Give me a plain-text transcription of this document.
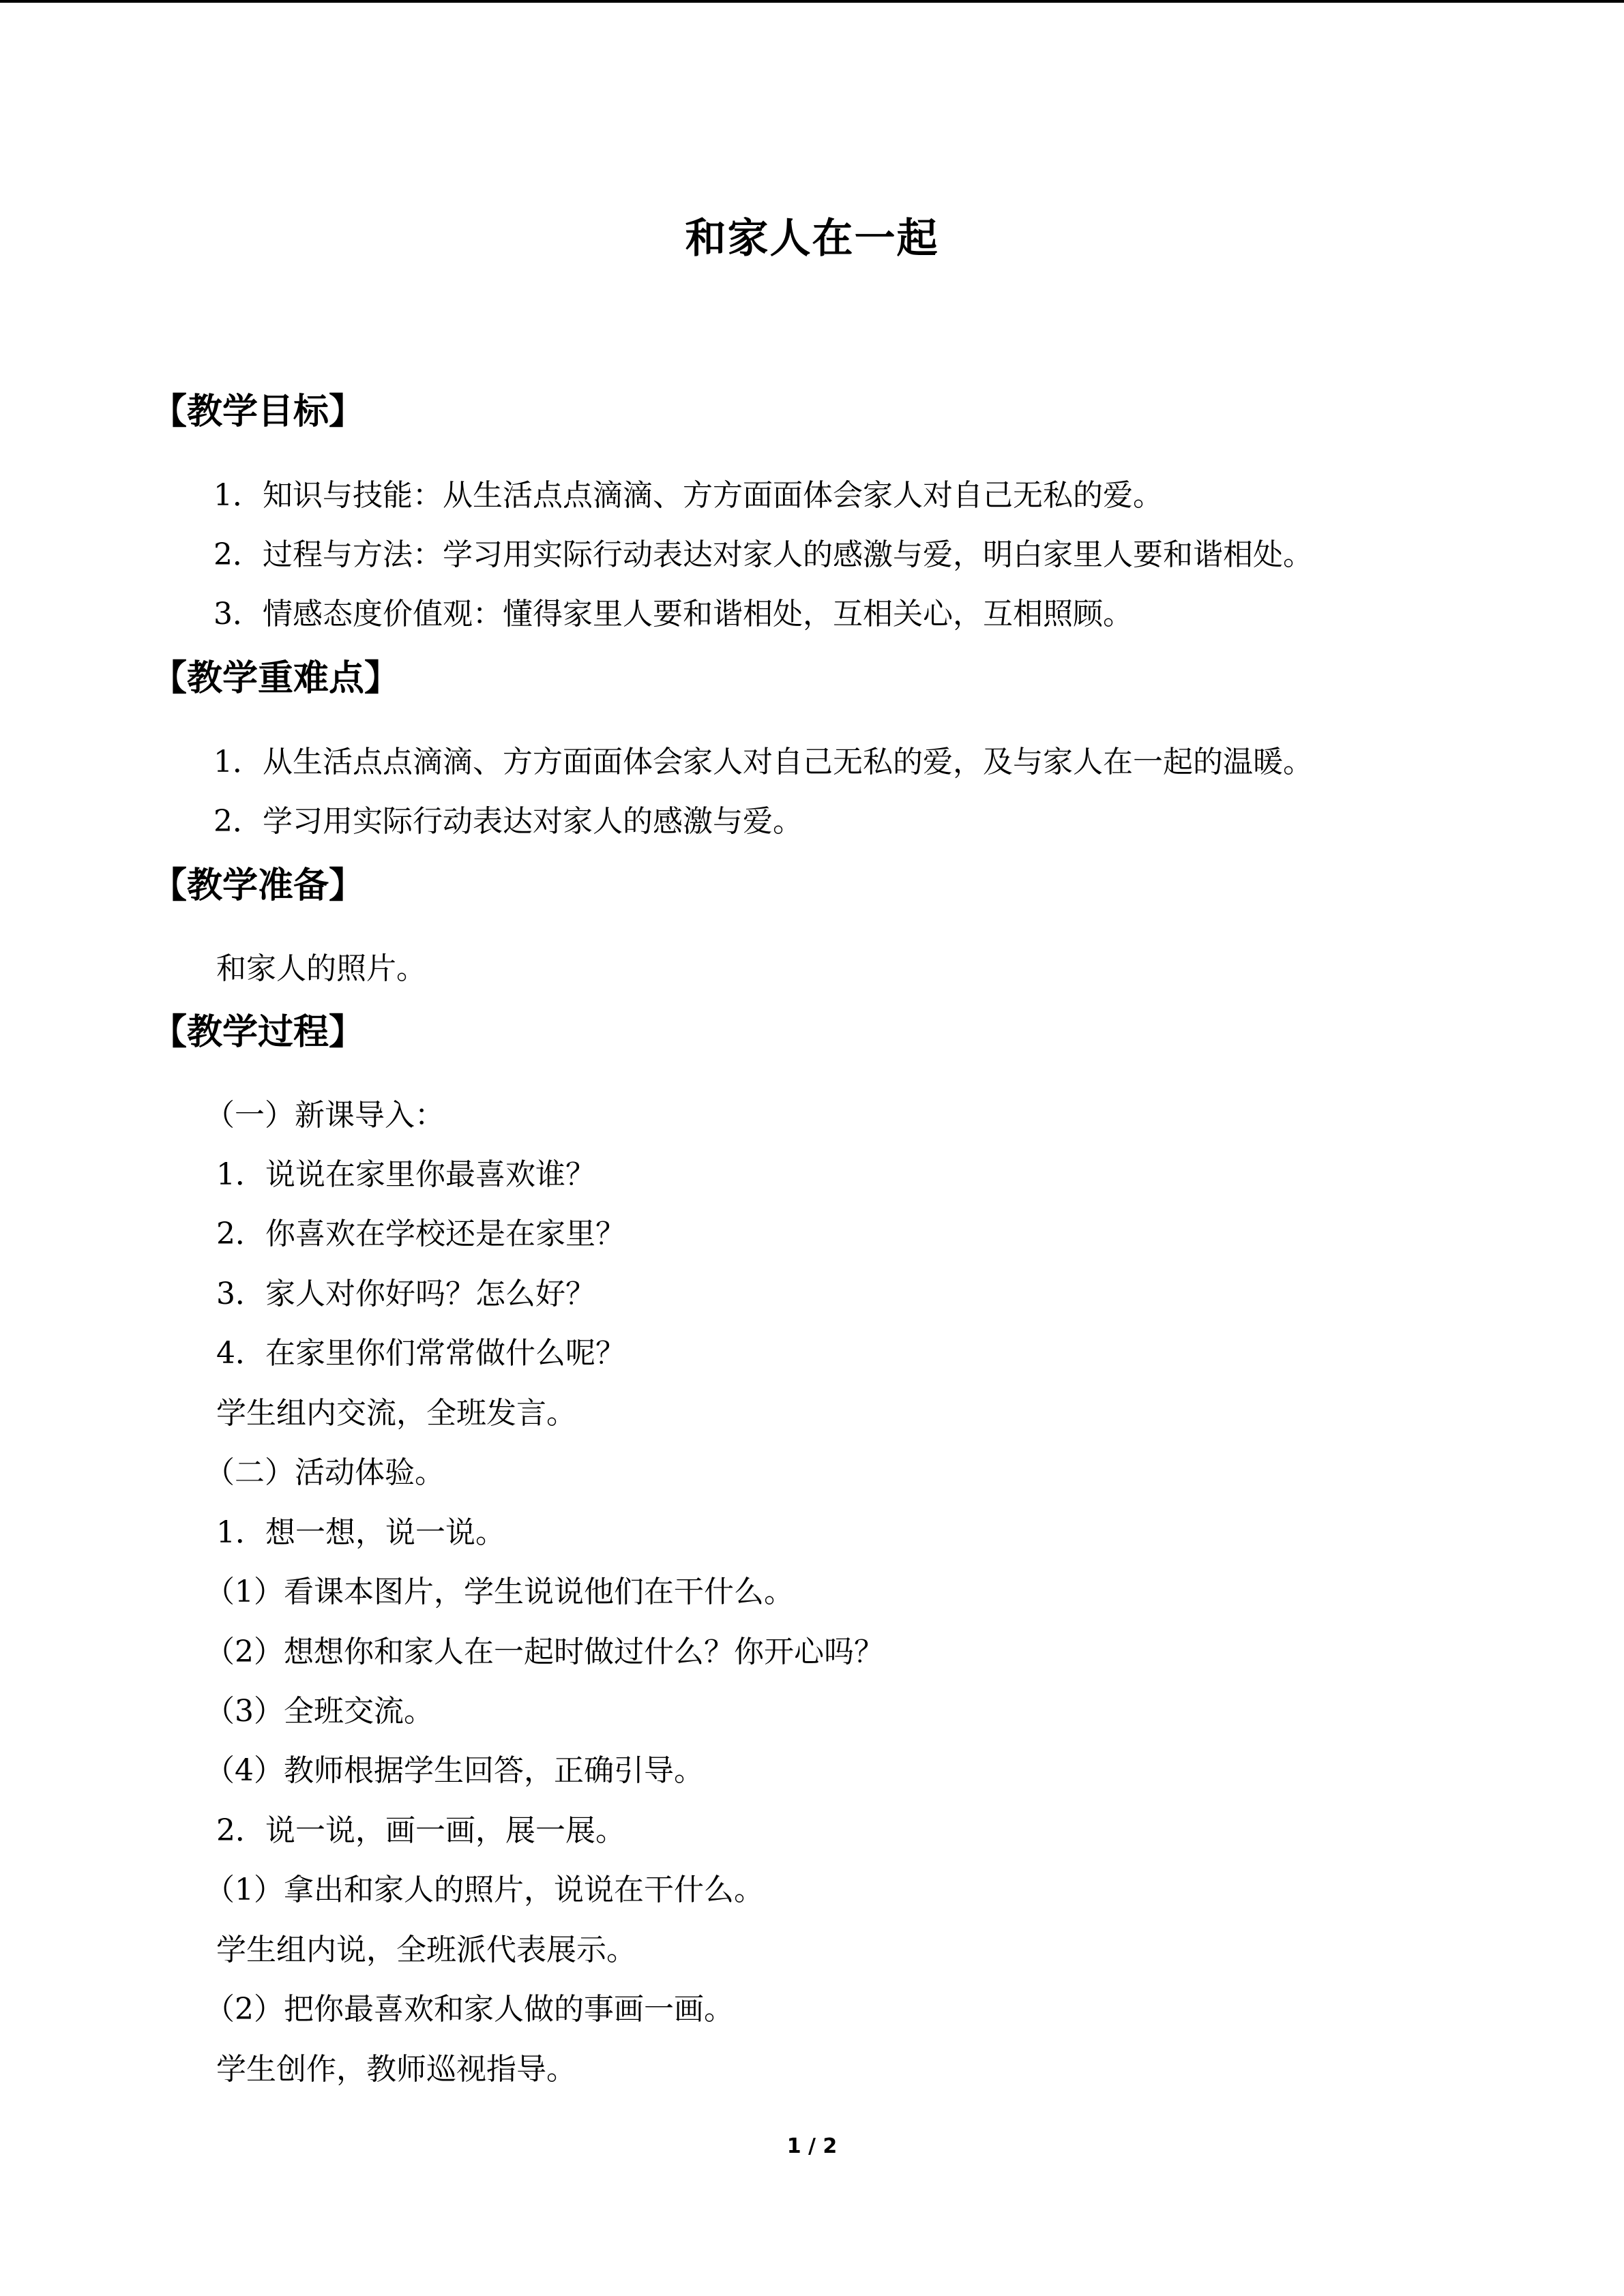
和家人在一起
【教学目标】
1．知识与技能：从生活点点滴滴、方方面面体会家人对自己无私的爱。
2．过程与方法：学习用实际行动表达对家人的感激与爱，明白家里人要和谐相处。
3．情感态度价值观：懂得家里人要和谐相处，互相关心，互相照顾。
【教学重难点】
1．从生活点点滴滴、方方面面体会家人对自己无私的爱，及与家人在一起的温暖。
2．学习用实际行动表达对家人的感激与爱。
【教学准备】
和家人的照片。
【教学过程】
（一）新课导入：
1．说说在家里你最喜欢谁？
2．你喜欢在学校还是在家里？
3．家人对你好吗？怎么好？
4．在家里你们常常做什么呢？
学生组内交流，全班发言。
（二）活动体验。
1．想一想，说一说。
（1）看课本图片，学生说说他们在干什么。
（2）想想你和家人在一起时做过什么？你开心吗？
（3）全班交流。
（4）教师根据学生回答，正确引导。
2．说一说，画一画，展一展。
（1）拿出和家人的照片，说说在干什么。
学生组内说，全班派代表展示。
（2）把你最喜欢和家人做的事画一画。
学生创作，教师巡视指导。
1 / 2
